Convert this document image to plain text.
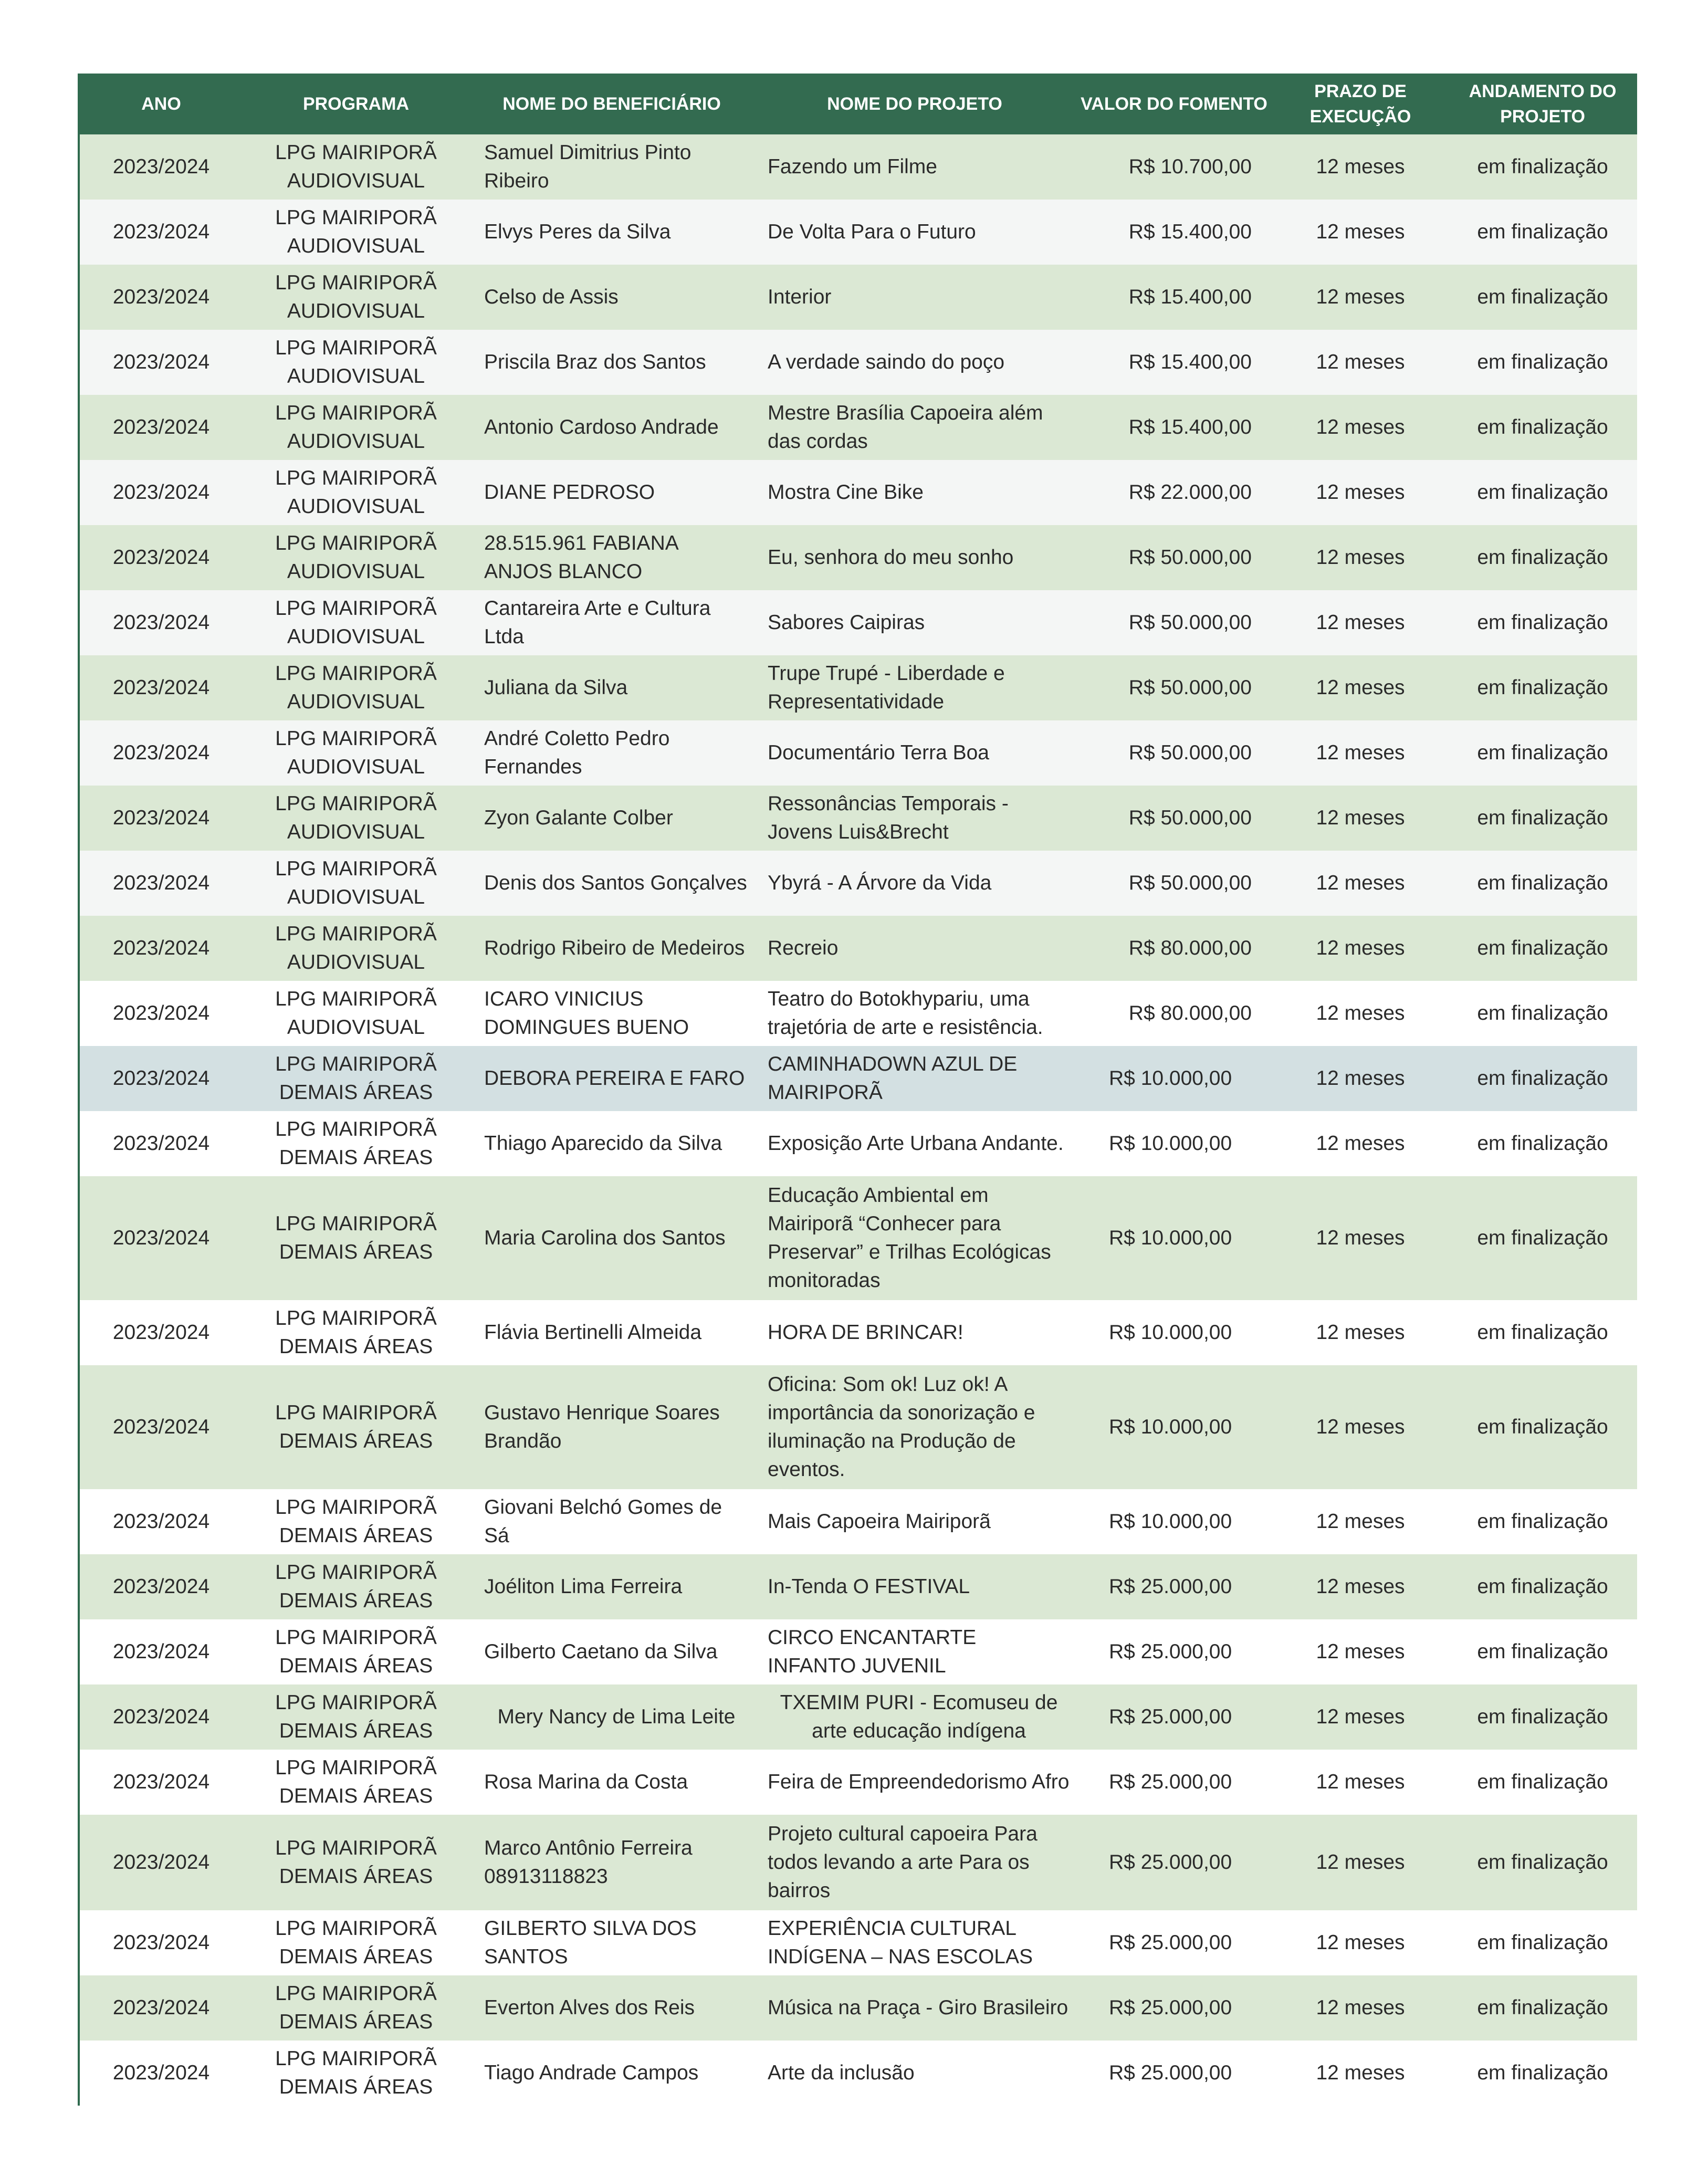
ANO	PROGRAMA	NOME DO BENEFICIÁRIO	NOME DO PROJETO	VALOR DO FOMENTO	PRAZO DE EXECUÇÃO	ANDAMENTO DO PROJETO
2023/2024	LPG MAIRIPORÃ AUDIOVISUAL	Samuel Dimitrius Pinto Ribeiro	Fazendo um Filme	R$ 10.700,00	12 meses	em finalização
2023/2024	LPG MAIRIPORÃ AUDIOVISUAL	Elvys Peres da Silva	De Volta Para o Futuro	R$ 15.400,00	12 meses	em finalização
2023/2024	LPG MAIRIPORÃ AUDIOVISUAL	Celso de Assis	Interior	R$ 15.400,00	12 meses	em finalização
2023/2024	LPG MAIRIPORÃ AUDIOVISUAL	Priscila Braz dos Santos	A verdade saindo do poço	R$ 15.400,00	12 meses	em finalização
2023/2024	LPG MAIRIPORÃ AUDIOVISUAL	Antonio Cardoso Andrade	Mestre Brasília Capoeira além das cordas	R$ 15.400,00	12 meses	em finalização
2023/2024	LPG MAIRIPORÃ AUDIOVISUAL	DIANE PEDROSO	Mostra Cine Bike	R$ 22.000,00	12 meses	em finalização
2023/2024	LPG MAIRIPORÃ AUDIOVISUAL	28.515.961 FABIANA ANJOS BLANCO	Eu, senhora do meu sonho	R$ 50.000,00	12 meses	em finalização
2023/2024	LPG MAIRIPORÃ AUDIOVISUAL	Cantareira Arte e Cultura Ltda	Sabores Caipiras	R$ 50.000,00	12 meses	em finalização
2023/2024	LPG MAIRIPORÃ AUDIOVISUAL	Juliana da Silva	Trupe Trupé - Liberdade e Representatividade	R$ 50.000,00	12 meses	em finalização
2023/2024	LPG MAIRIPORÃ AUDIOVISUAL	André Coletto Pedro Fernandes	Documentário Terra Boa	R$ 50.000,00	12 meses	em finalização
2023/2024	LPG MAIRIPORÃ AUDIOVISUAL	Zyon Galante Colber	Ressonâncias Temporais - Jovens Luis&Brecht	R$ 50.000,00	12 meses	em finalização
2023/2024	LPG MAIRIPORÃ AUDIOVISUAL	Denis dos Santos Gonçalves	Ybyrá - A Árvore da Vida	R$ 50.000,00	12 meses	em finalização
2023/2024	LPG MAIRIPORÃ AUDIOVISUAL	Rodrigo Ribeiro de Medeiros	Recreio	R$ 80.000,00	12 meses	em finalização
2023/2024	LPG MAIRIPORÃ AUDIOVISUAL	ICARO VINICIUS DOMINGUES BUENO	Teatro do Botokhypariu, uma trajetória de arte e resistência.	R$ 80.000,00	12 meses	em finalização
2023/2024	LPG MAIRIPORÃ DEMAIS ÁREAS	DEBORA PEREIRA E FARO	CAMINHADOWN AZUL DE MAIRIPORÃ	R$ 10.000,00	12 meses	em finalização
2023/2024	LPG MAIRIPORÃ DEMAIS ÁREAS	Thiago Aparecido da Silva	Exposição Arte Urbana Andante.	R$ 10.000,00	12 meses	em finalização
2023/2024	LPG MAIRIPORÃ DEMAIS ÁREAS	Maria Carolina dos Santos	Educação Ambiental em Mairiporã “Conhecer para Preservar” e Trilhas Ecológicas monitoradas	R$ 10.000,00	12 meses	em finalização
2023/2024	LPG MAIRIPORÃ DEMAIS ÁREAS	Flávia Bertinelli Almeida	HORA DE BRINCAR!	R$ 10.000,00	12 meses	em finalização
2023/2024	LPG MAIRIPORÃ DEMAIS ÁREAS	Gustavo Henrique Soares Brandão	Oficina: Som ok! Luz ok! A importância da sonorização e iluminação na Produção de eventos.	R$ 10.000,00	12 meses	em finalização
2023/2024	LPG MAIRIPORÃ DEMAIS ÁREAS	Giovani Belchó Gomes de Sá	Mais Capoeira Mairiporã	R$ 10.000,00	12 meses	em finalização
2023/2024	LPG MAIRIPORÃ DEMAIS ÁREAS	Joéliton Lima Ferreira	In-Tenda O FESTIVAL	R$ 25.000,00	12 meses	em finalização
2023/2024	LPG MAIRIPORÃ DEMAIS ÁREAS	Gilberto Caetano da Silva	CIRCO ENCANTARTE INFANTO JUVENIL	R$ 25.000,00	12 meses	em finalização
2023/2024	LPG MAIRIPORÃ DEMAIS ÁREAS	Mery Nancy de Lima Leite	TXEMIM PURI - Ecomuseu de arte educação indígena	R$ 25.000,00	12 meses	em finalização
2023/2024	LPG MAIRIPORÃ DEMAIS ÁREAS	Rosa Marina da Costa	Feira de Empreendedorismo Afro	R$ 25.000,00	12 meses	em finalização
2023/2024	LPG MAIRIPORÃ DEMAIS ÁREAS	Marco Antônio Ferreira 08913118823	Projeto cultural capoeira Para todos levando a arte Para os bairros	R$ 25.000,00	12 meses	em finalização
2023/2024	LPG MAIRIPORÃ DEMAIS ÁREAS	GILBERTO SILVA DOS SANTOS	EXPERIÊNCIA CULTURAL INDÍGENA – NAS ESCOLAS	R$ 25.000,00	12 meses	em finalização
2023/2024	LPG MAIRIPORÃ DEMAIS ÁREAS	Everton Alves dos Reis	Música na Praça - Giro Brasileiro	R$ 25.000,00	12 meses	em finalização
2023/2024	LPG MAIRIPORÃ DEMAIS ÁREAS	Tiago Andrade Campos	Arte da inclusão	R$ 25.000,00	12 meses	em finalização
